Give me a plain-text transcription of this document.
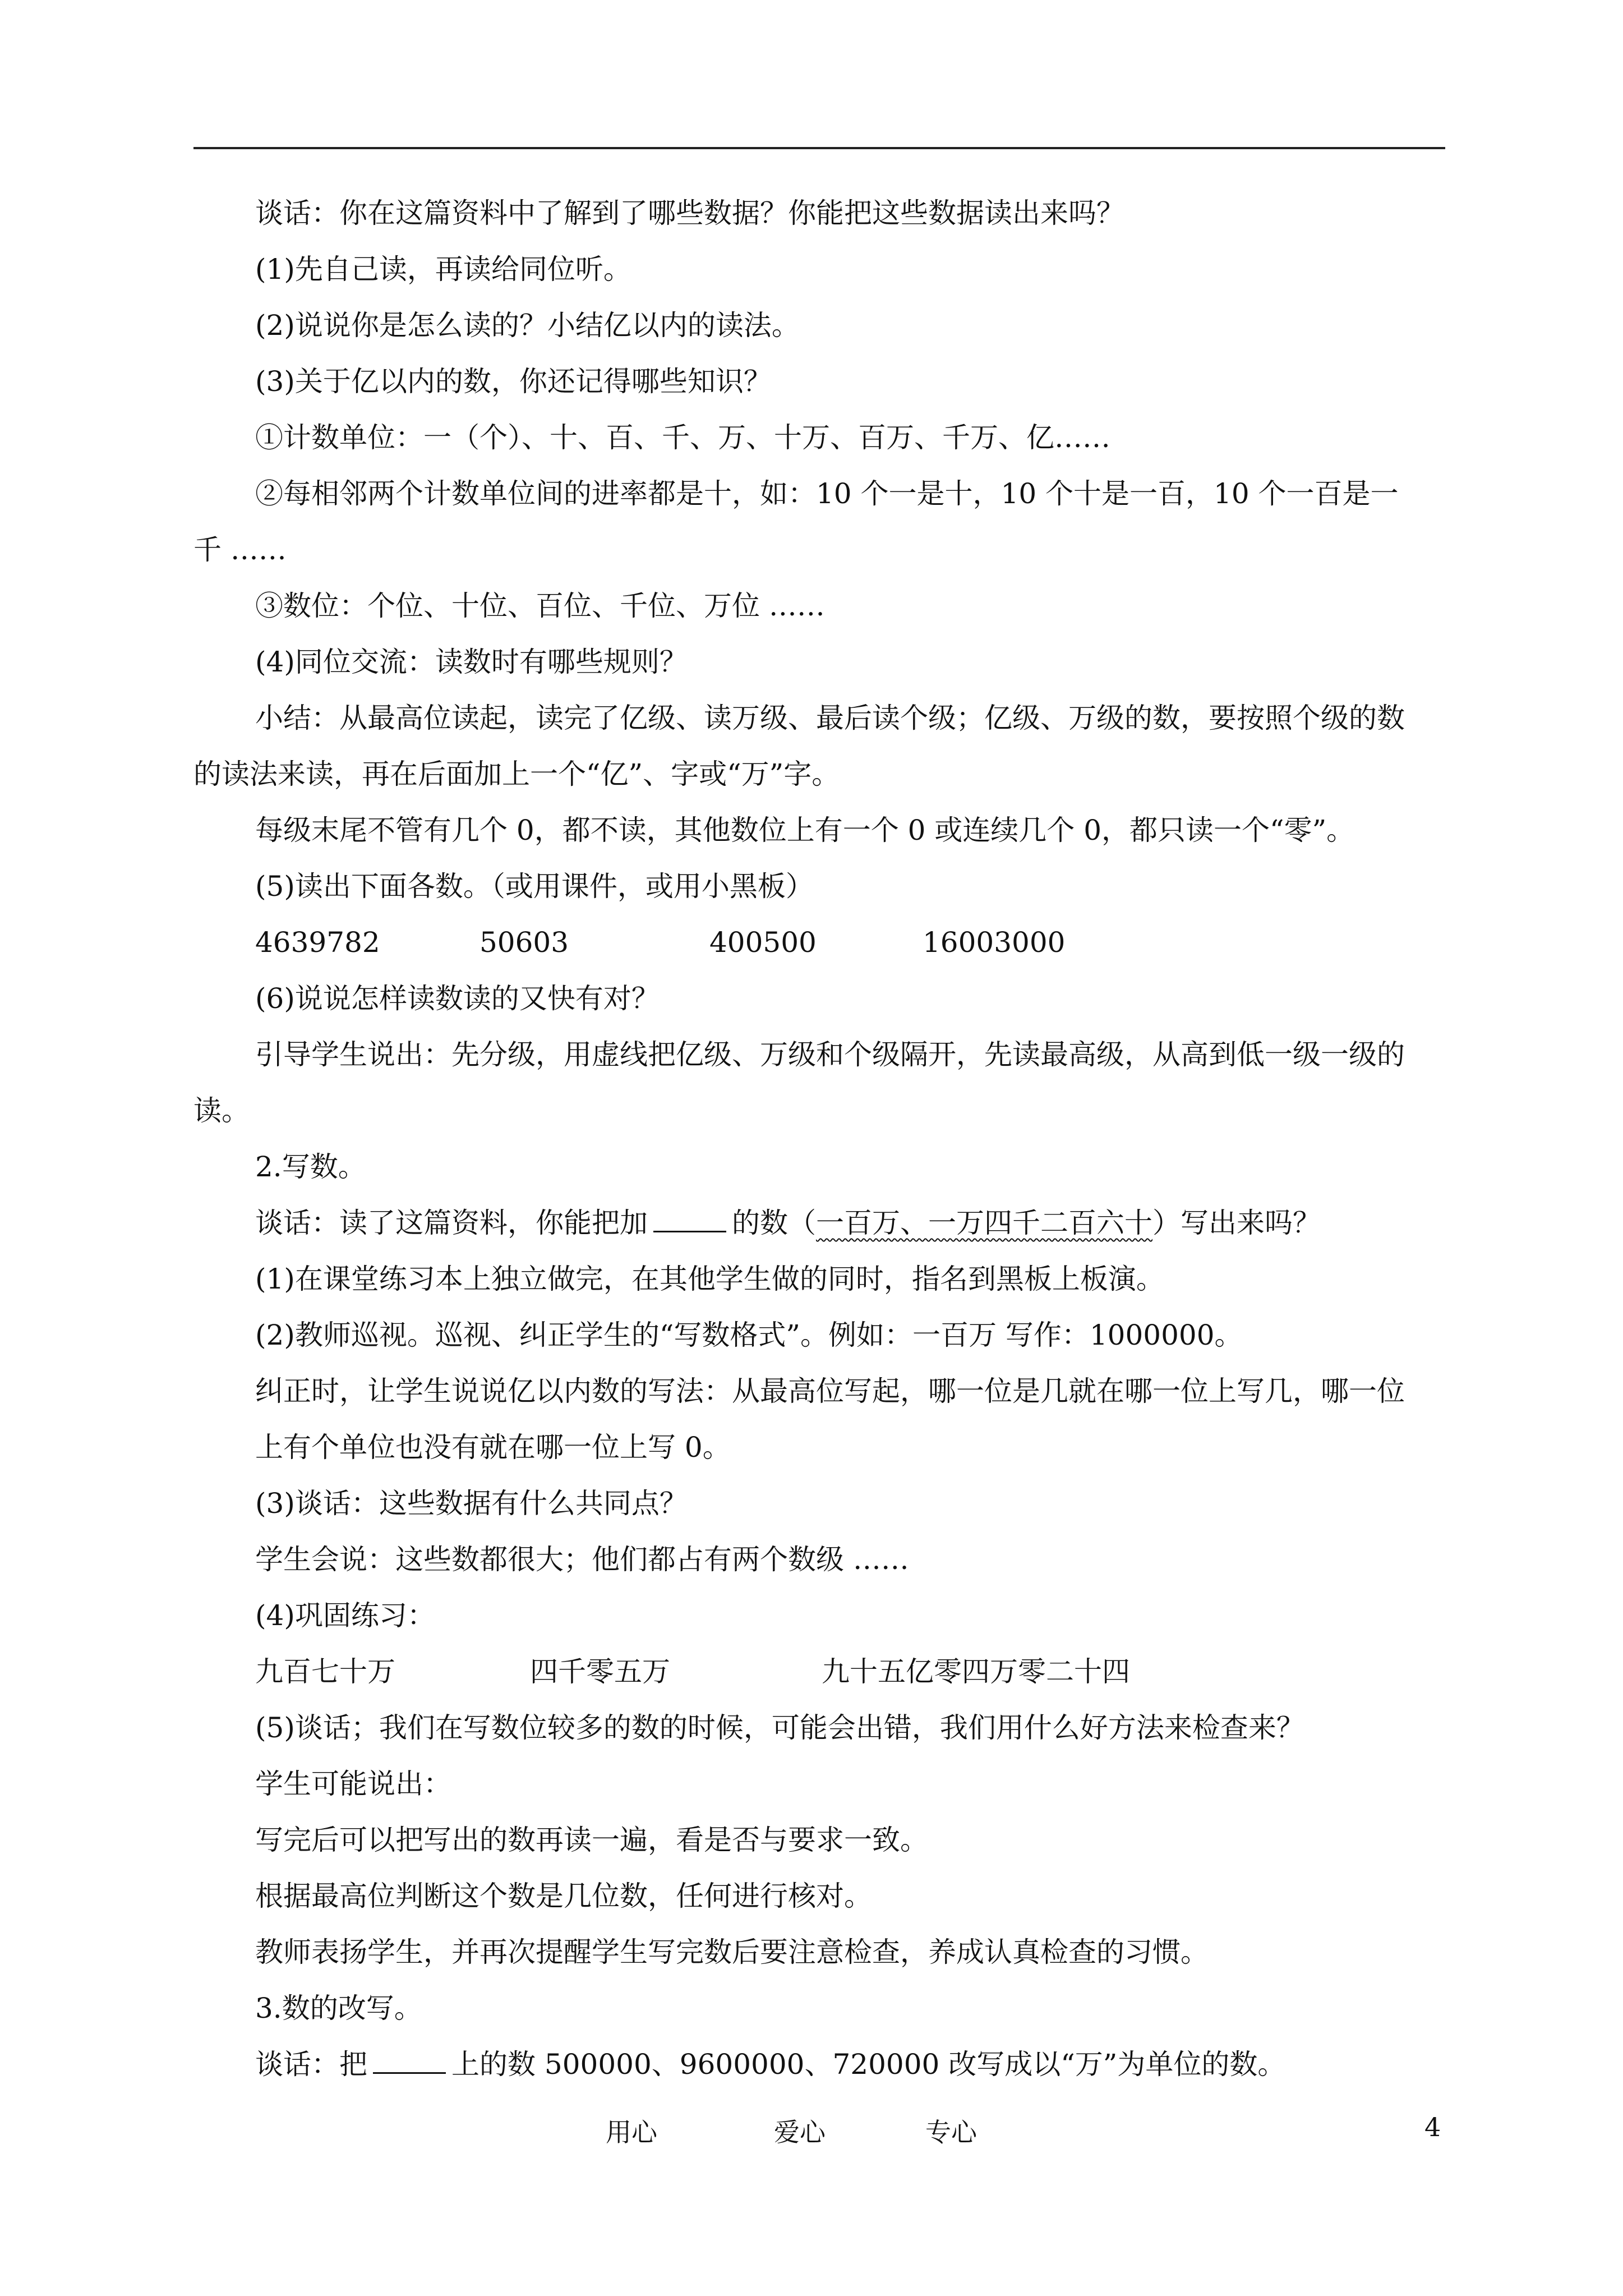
谈话：你在这篇资料中了解到了哪些数据？你能把这些数据读出来吗？
(1)先自己读，再读给同位听。
(2)说说你是怎么读的？小结亿以内的读法。
(3)关于亿以内的数，你还记得哪些知识？
①计数单位：一（个）、十、百、千、万、十万、百万、千万、亿……
②每相邻两个计数单位间的进率都是十，如：10 个一是十，10 个十是一百，10 个一百是一
千 ……
③数位：个位、十位、百位、千位、万位 ……
(4)同位交流：读数时有哪些规则？
小结：从最高位读起，读完了亿级、读万级、最后读个级；亿级、万级的数，要按照个级的数
的读法来读，再在后面加上一个“亿”、字或“万”字。
每级末尾不管有几个 0，都不读，其他数位上有一个 0 或连续几个 0，都只读一个“零”。
(5)读出下面各数。（或用课件，或用小黑板）
4639782	50603	400500	16003000
(6)说说怎样读数读的又快有对？
引导学生说出：先分级，用虚线把亿级、万级和个级隔开，先读最高级，从高到低一级一级的
读。
2.写数。
谈话：读了这篇资料，你能把加	的数（一百万、一万四千二百六十）写出来吗？
(1)在课堂练习本上独立做完，在其他学生做的同时，指名到黑板上板演。
(2)教师巡视。巡视、纠正学生的“写数格式”。例如：一百万 写作：1000000。
纠正时，让学生说说亿以内数的写法：从最高位写起，哪一位是几就在哪一位上写几，哪一位
上有个单位也没有就在哪一位上写 0。
(3)谈话：这些数据有什么共同点？
学生会说：这些数都很大；他们都占有两个数级 ……
(4)巩固练习：
九百七十万	四千零五万	九十五亿零四万零二十四
(5)谈话；我们在写数位较多的数的时候，可能会出错，我们用什么好方法来检查来？
学生可能说出：
写完后可以把写出的数再读一遍，看是否与要求一致。
根据最高位判断这个数是几位数，任何进行核对。
教师表扬学生，并再次提醒学生写完数后要注意检查，养成认真检查的习惯。
3.数的改写。
谈话：把	上的数 500000、9600000、720000 改写成以“万”为单位的数。
用心	爱心	专心	4
